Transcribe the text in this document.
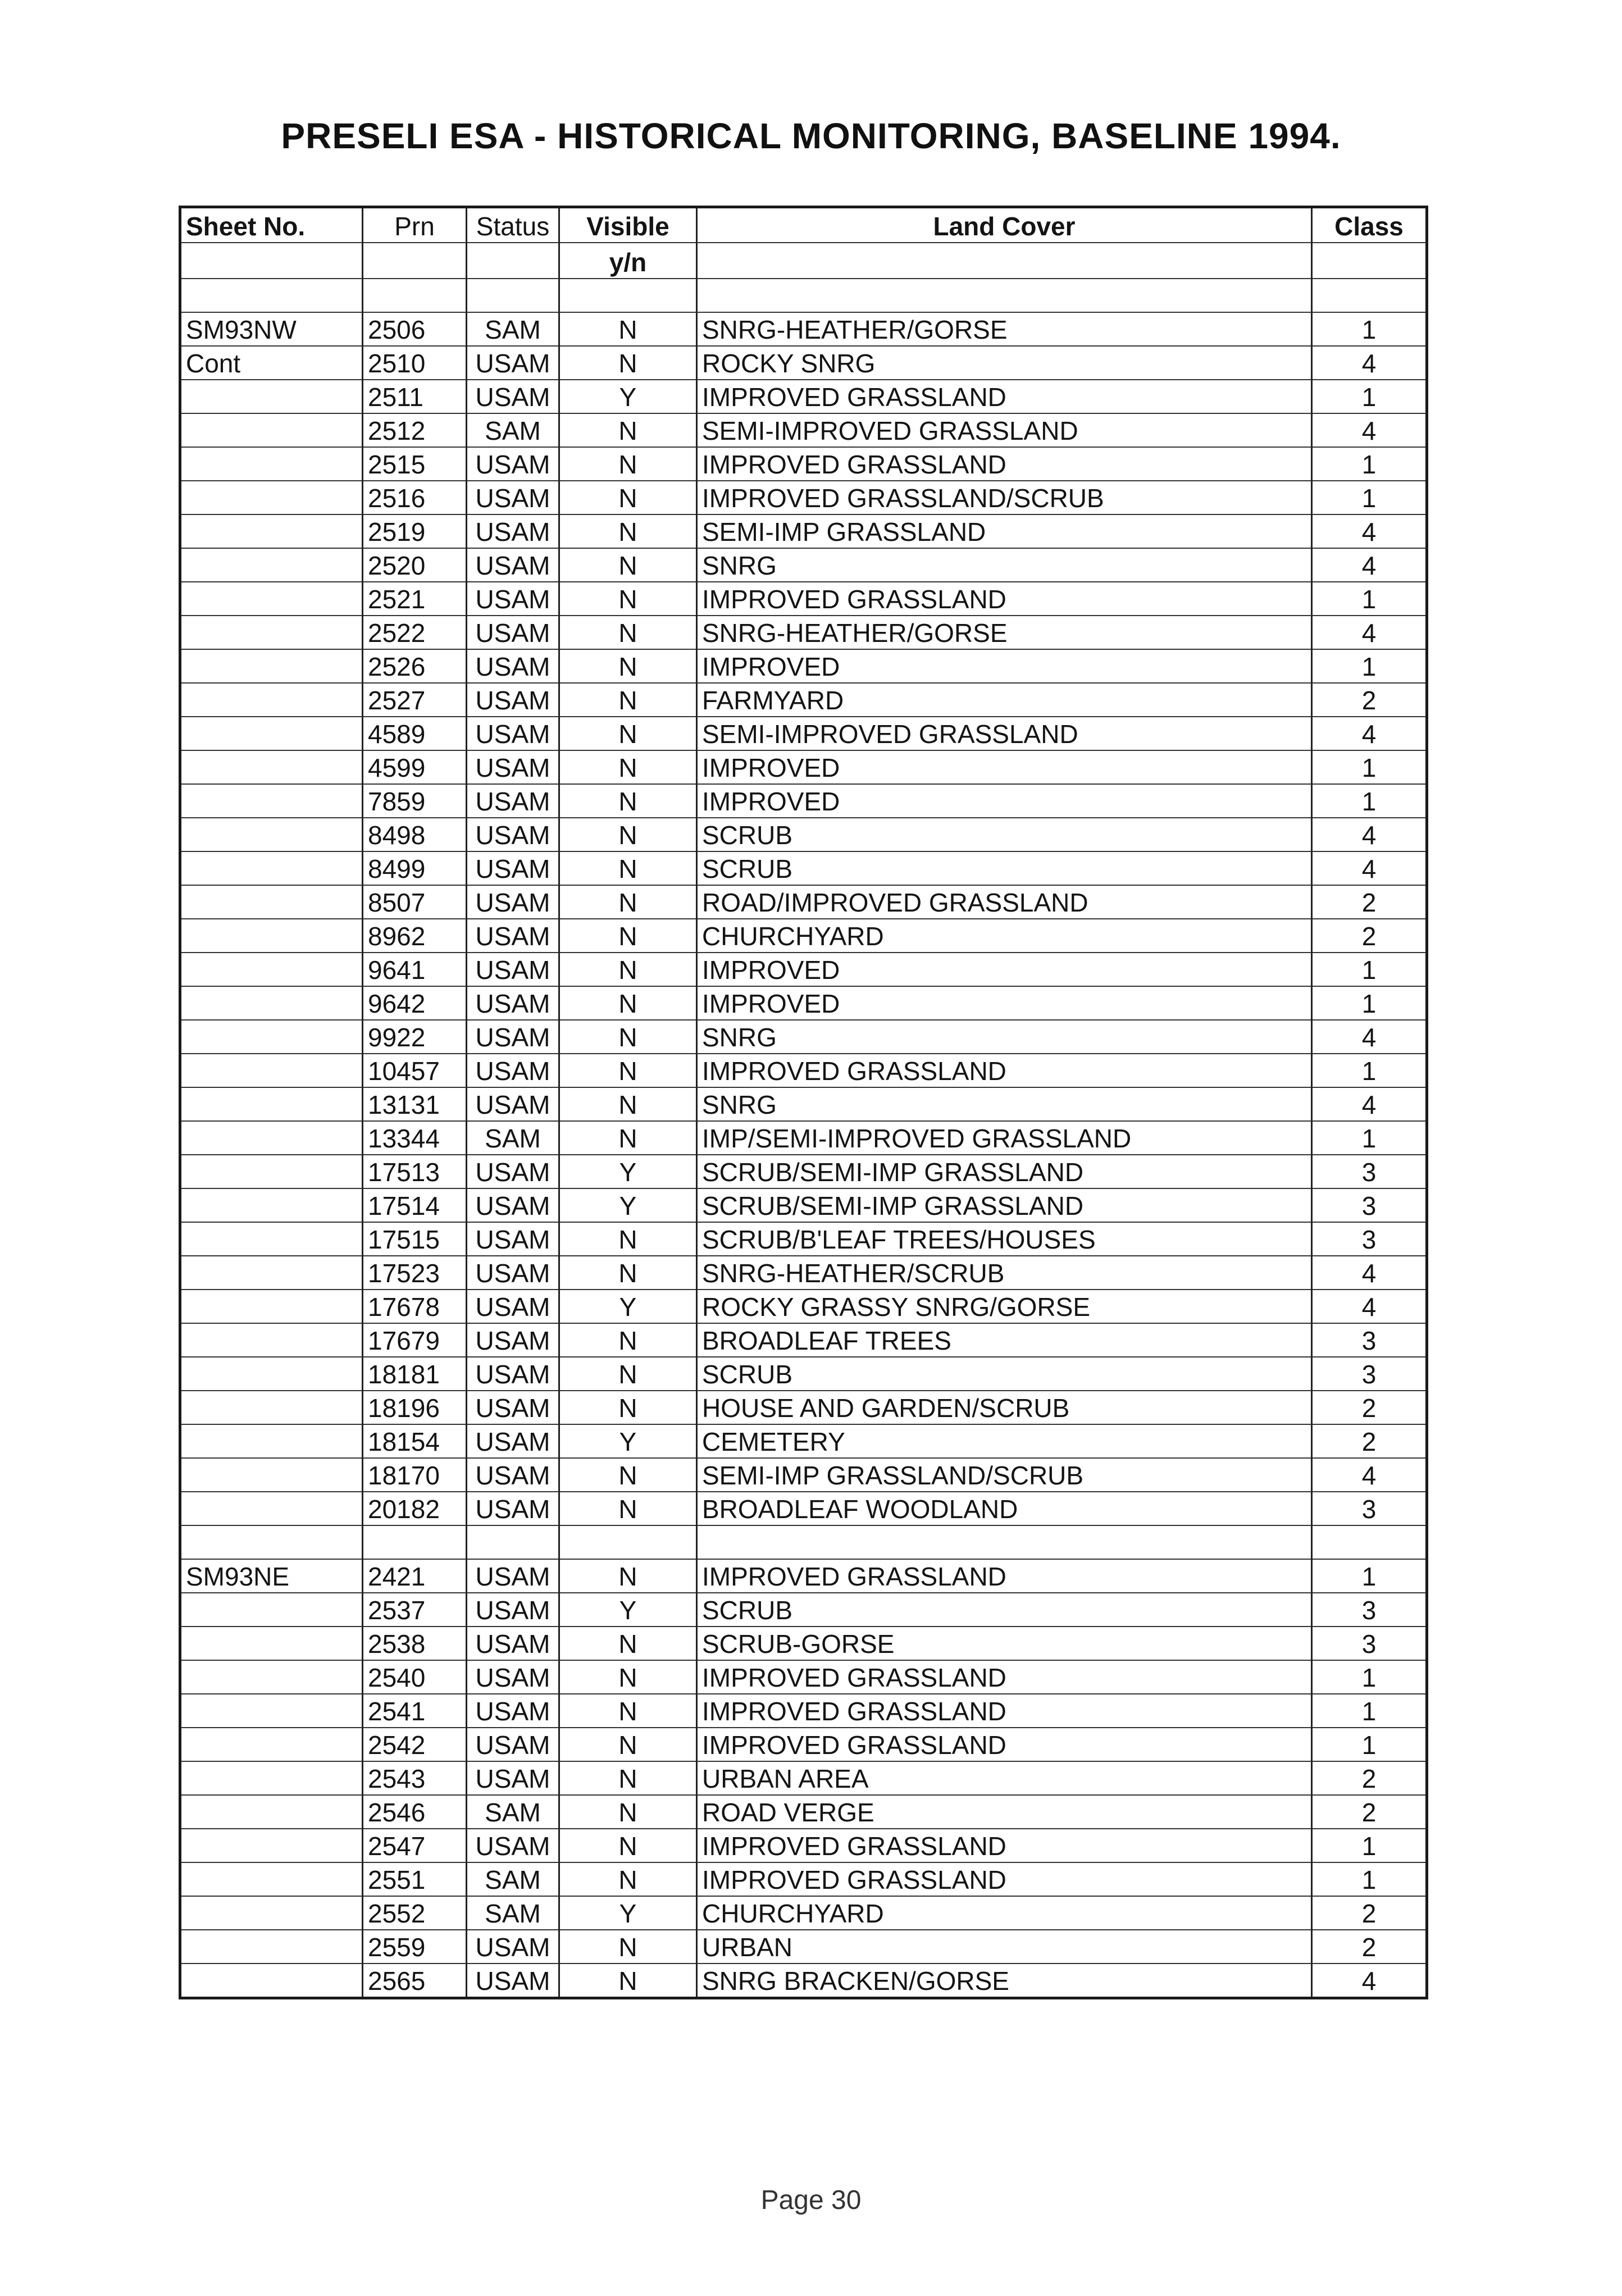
PRESELI ESA - HISTORICAL MONITORING, BASELINE 1994.
Sheet No.	Prn	Status	Visible	Land Cover	Class
			y/n		

SM93NW	2506	SAM	N	SNRG-HEATHER/GORSE	1
Cont	2510	USAM	N	ROCKY SNRG	4
	2511	USAM	Y	IMPROVED GRASSLAND	1
	2512	SAM	N	SEMI-IMPROVED GRASSLAND	4
	2515	USAM	N	IMPROVED GRASSLAND	1
	2516	USAM	N	IMPROVED GRASSLAND/SCRUB	1
	2519	USAM	N	SEMI-IMP GRASSLAND	4
	2520	USAM	N	SNRG	4
	2521	USAM	N	IMPROVED GRASSLAND	1
	2522	USAM	N	SNRG-HEATHER/GORSE	4
	2526	USAM	N	IMPROVED	1
	2527	USAM	N	FARMYARD	2
	4589	USAM	N	SEMI-IMPROVED GRASSLAND	4
	4599	USAM	N	IMPROVED	1
	7859	USAM	N	IMPROVED	1
	8498	USAM	N	SCRUB	4
	8499	USAM	N	SCRUB	4
	8507	USAM	N	ROAD/IMPROVED GRASSLAND	2
	8962	USAM	N	CHURCHYARD	2
	9641	USAM	N	IMPROVED	1
	9642	USAM	N	IMPROVED	1
	9922	USAM	N	SNRG	4
	10457	USAM	N	IMPROVED GRASSLAND	1
	13131	USAM	N	SNRG	4
	13344	SAM	N	IMP/SEMI-IMPROVED GRASSLAND	1
	17513	USAM	Y	SCRUB/SEMI-IMP GRASSLAND	3
	17514	USAM	Y	SCRUB/SEMI-IMP GRASSLAND	3
	17515	USAM	N	SCRUB/B'LEAF TREES/HOUSES	3
	17523	USAM	N	SNRG-HEATHER/SCRUB	4
	17678	USAM	Y	ROCKY GRASSY SNRG/GORSE	4
	17679	USAM	N	BROADLEAF TREES	3
	18181	USAM	N	SCRUB	3
	18196	USAM	N	HOUSE AND GARDEN/SCRUB	2
	18154	USAM	Y	CEMETERY	2
	18170	USAM	N	SEMI-IMP GRASSLAND/SCRUB	4
	20182	USAM	N	BROADLEAF WOODLAND	3

SM93NE	2421	USAM	N	IMPROVED GRASSLAND	1
	2537	USAM	Y	SCRUB	3
	2538	USAM	N	SCRUB-GORSE	3
	2540	USAM	N	IMPROVED GRASSLAND	1
	2541	USAM	N	IMPROVED GRASSLAND	1
	2542	USAM	N	IMPROVED GRASSLAND	1
	2543	USAM	N	URBAN AREA	2
	2546	SAM	N	ROAD VERGE	2
	2547	USAM	N	IMPROVED GRASSLAND	1
	2551	SAM	N	IMPROVED GRASSLAND	1
	2552	SAM	Y	CHURCHYARD	2
	2559	USAM	N	URBAN	2
	2565	USAM	N	SNRG BRACKEN/GORSE	4
Page 30
